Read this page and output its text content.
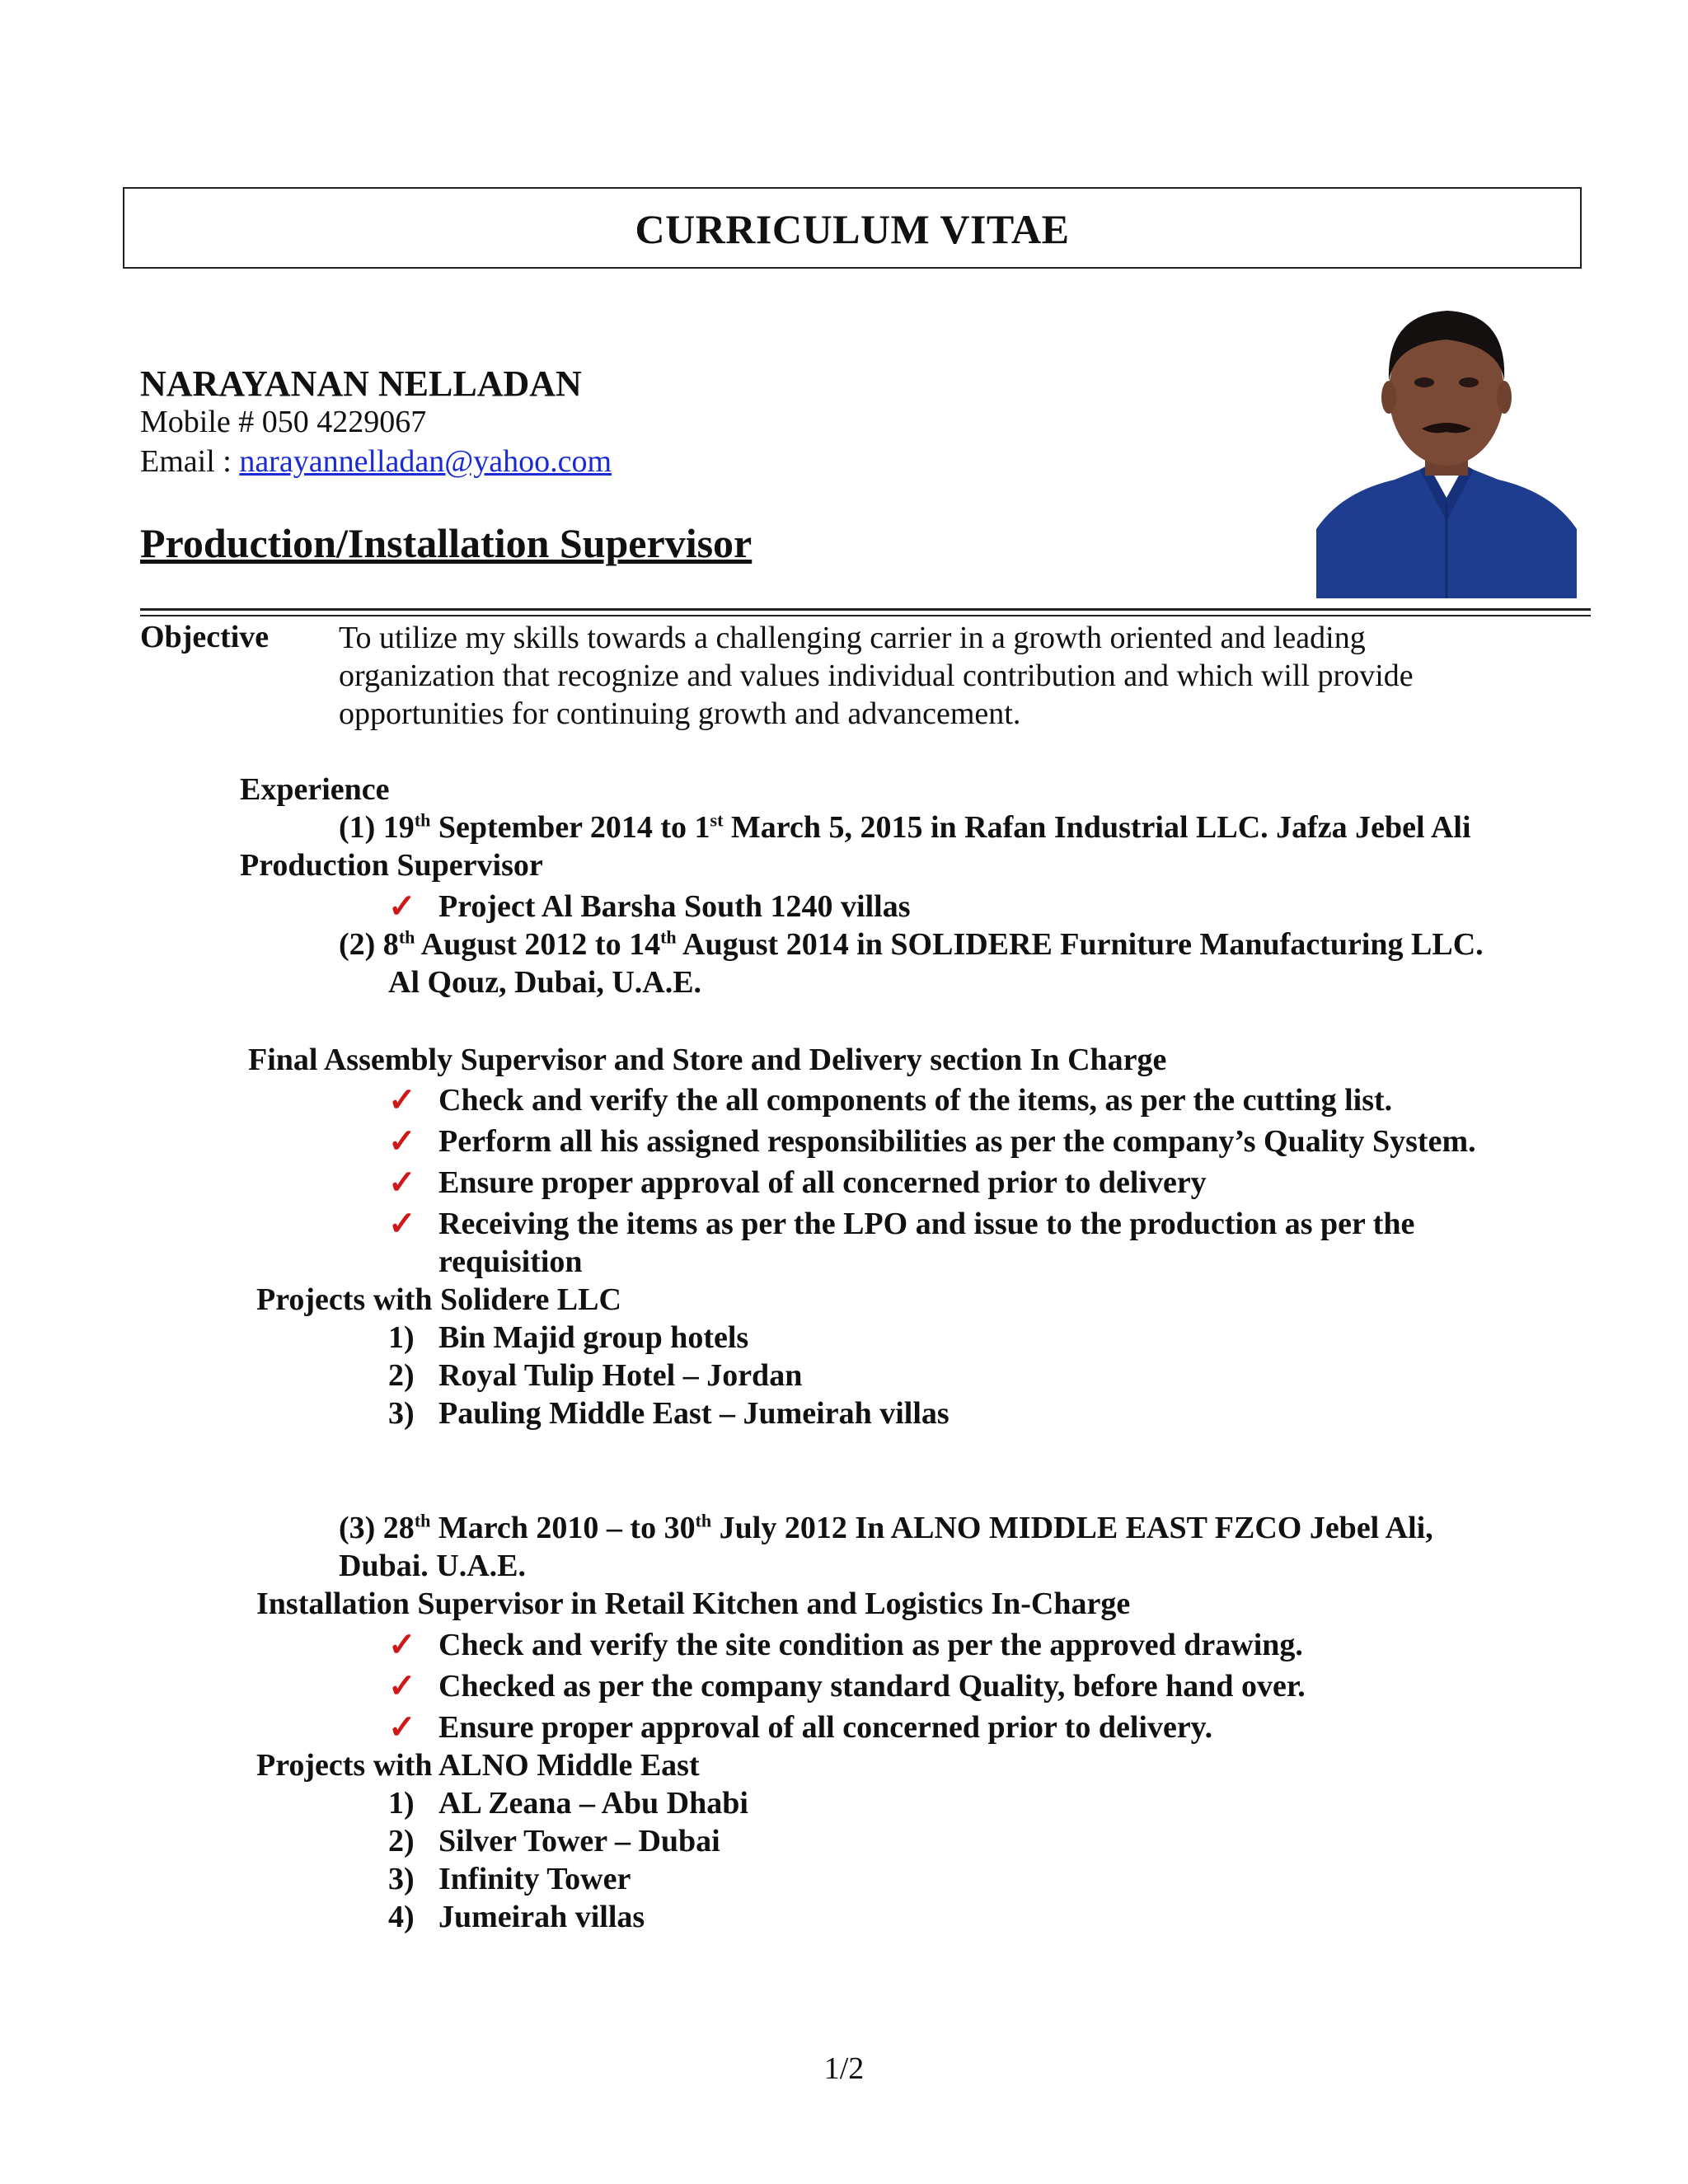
CURRICULUM VITAE
NARAYANAN NELLADAN
Mobile # 050 4229067
Email : narayannelladan@yahoo.com
Production/Installation Supervisor
Objective To utilize my skills towards a challenging carrier in a growth oriented and leading organization that recognize and values individual contribution and which will provide opportunities for continuing growth and advancement.
Experience
(1) 19th September 2014 to 1st March 5, 2015 in Rafan Industrial LLC. Jafza Jebel Ali
Production Supervisor
✓ Project Al Barsha South 1240 villas
(2) 8th August 2012 to 14th August 2014 in SOLIDERE Furniture Manufacturing LLC.
Al Qouz, Dubai, U.A.E.
Final Assembly Supervisor and Store and Delivery section In Charge
✓ Check and verify the all components of the items, as per the cutting list.
✓ Perform all his assigned responsibilities as per the company’s Quality System.
✓ Ensure proper approval of all concerned prior to delivery
✓ Receiving the items as per the LPO and issue to the production as per the
requisition
Projects with Solidere LLC
1) Bin Majid group hotels
2) Royal Tulip Hotel – Jordan
3) Pauling Middle East – Jumeirah villas
(3) 28th March 2010 – to 30th July 2012 In ALNO MIDDLE EAST FZCO Jebel Ali,
Dubai. U.A.E.
Installation Supervisor in Retail Kitchen and Logistics In-Charge
✓ Check and verify the site condition as per the approved drawing.
✓ Checked as per the company standard Quality, before hand over.
✓ Ensure proper approval of all concerned prior to delivery.
Projects with ALNO Middle East
1) AL Zeana – Abu Dhabi
2) Silver Tower – Dubai
3) Infinity Tower
4) Jumeirah villas
1/2
